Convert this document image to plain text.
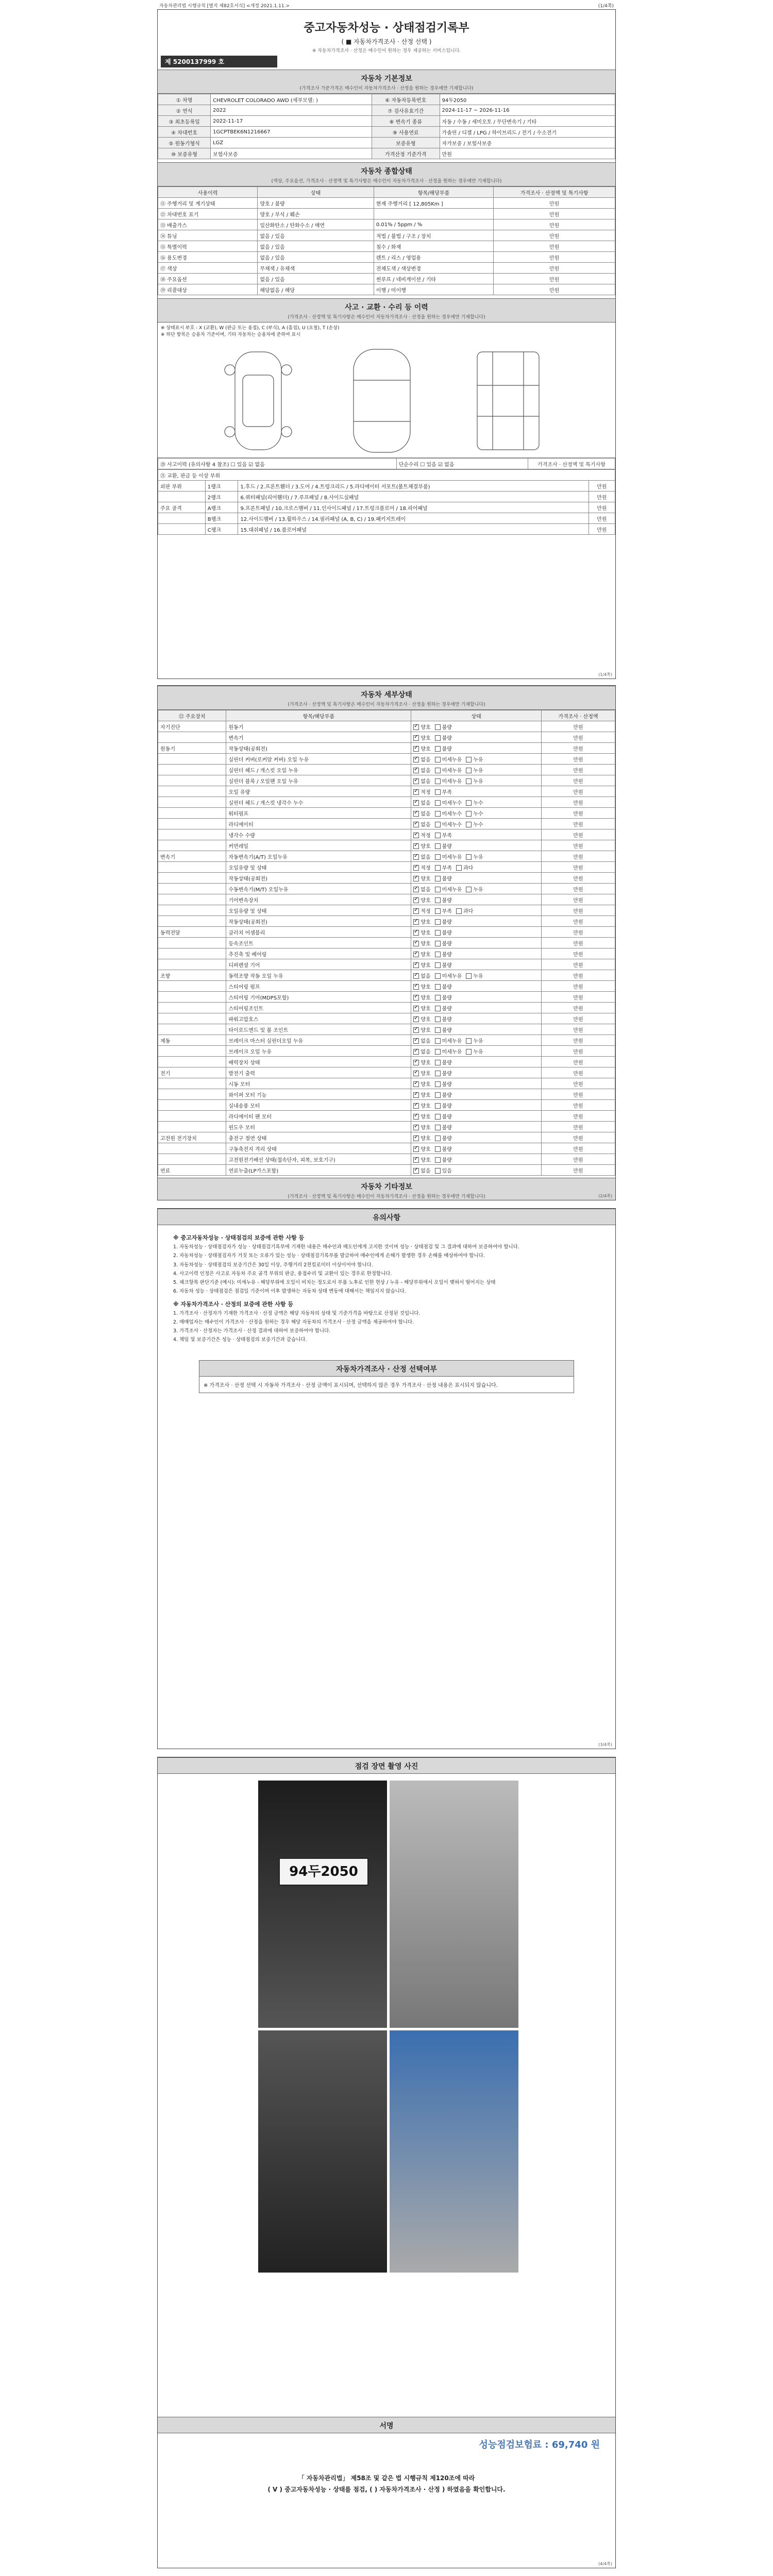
자동차관리법 시행규칙 [별지 제82호서식] <개정 2021.1.11.>	(1/4쪽)
중고자동차성능 · 상태점검기록부
( ■ 자동차가격조사 · 산정 선택 )
※ 자동차가격조사 · 산정은 매수인이 원하는 경우 제공하는 서비스입니다.
제 5200137999 호
자동차 기본정보
(가격조사 가준가격은 매수인이 자동차가격조사 · 산정을 원하는 경우에만 기재합니다)
① 차명	CHEVROLET COLORADO AWD (세부모델: )	⑥ 자동차등록번호	94두2050
② 연식	2022	⑦ 검사유효기간	2024-11-17 ~ 2026-11-16
③ 최초등록일	2022-11-17	⑧ 변속기 종류	자동 / 수동 / 세미오토 / 무단변속기 / 기타
④ 차대번호	1GCPTBEK6N1216667	⑨ 사용연료	가솔린 / 디젤 / LPG / 하이브리드 / 전기 / 수소전기
⑤ 원동기형식	LGZ	보증유형	자가보증 / 보험사보증
⑩ 보증유형	보험사보증	가격산정 기준가격	만원
자동차 종합상태
(색상, 주요옵션, 가격조사 · 산정액 및 특기사항은 매수인이 자동차가격조사 · 산정을 원하는 경우에만 기재합니다)
사용이력	상태	항목/해당부품	가격조사 · 산정액 및 특기사항
⑪ 주행거리 및 계기상태	양호 / 불량	현재 주행거리 [ 12,805Km ]	만원
⑫ 차대번호 표기	양호 / 부식 / 훼손		만원
⑬ 배출가스	일산화탄소 / 탄화수소 / 매연	0.01% / 5ppm / %	만원
⑭ 튜닝	없음 / 있음	적법 / 불법 / 구조 / 장치	만원
⑮ 특별이력	없음 / 있음	침수 / 화재	만원
⑯ 용도변경	없음 / 있음	렌트 / 리스 / 영업용	만원
⑰ 색상	무채색 / 유채색	전체도색 / 색상변경	만원
⑱ 주요옵션	없음 / 있음	썬루프 / 네비게이션 / 기타	만원
⑲ 리콜대상	해당없음 / 해당	이행 / 미이행	만원
사고 · 교환 · 수리 등 이력
(가격조사 · 산정액 및 특기사항은 매수인이 자동차가격조사 · 산정을 원하는 경우에만 기재합니다)
※ 상태표시 부호 : X (교환), W (판금 또는 용접), C (부식), A (흠집), U (요철), T (손상)
※ 하단 항목은 승용차 기준이며, 기타 자동차는 승용차에 준하여 표시
⑳ 사고이력 (유의사항 4 참조) ☐ 있음 ☑ 없음	단순수리 ☐ 있음 ☑ 없음	가격조사 · 산정액 및 특기사항
㉑ 교환, 판금 등 이상 부위			
외판 부위	1랭크	1.후드 / 2.프론트휀더 / 3.도어 / 4.트렁크리드 / 5.라디에이터 서포트(볼트체결부품)	만원
	2랭크	6.쿼터패널(리어휀더) / 7.루프패널 / 8.사이드실패널	만원
주요 골격	A랭크	9.프론트패널 / 10.크로스멤버 / 11.인사이드패널 / 17.트렁크플로어 / 18.리어패널	만원
	B랭크	12.사이드멤버 / 13.휠하우스 / 14.필러패널 (A, B, C) / 19.패키지트레이	만원
	C랭크	15.대쉬패널 / 16.플로어패널	만원
(1/4쪽)
자동차 세부상태
(가격조사 · 산정액 및 특기사항은 매수인이 자동차가격조사 · 산정을 원하는 경우에만 기재합니다)
㉒ 주요장치	항목/해당부품	상태	가격조사 · 산정액
자기진단	원동기	✓양호 불량	만원
	변속기	✓양호 불량	만원
원동기	작동상태(공회전)	✓양호 불량	만원
	실린더 커버(로커암 커버) 오일 누유	✓없음 미세누유 누유	만원
	실린더 헤드 / 개스킷 오일 누유	✓없음 미세누유 누유	만원
	실린더 블록 / 오일팬 오일 누유	✓없음 미세누유 누유	만원
	오일 유량	✓적정 부족	만원
	실린더 헤드 / 개스킷 냉각수 누수	✓없음 미세누수 누수	만원
	워터펌프	✓없음 미세누수 누수	만원
	라디에이터	✓없음 미세누수 누수	만원
	냉각수 수량	✓적정 부족	만원
	커먼레일	✓양호 불량	만원
변속기	자동변속기(A/T) 오일누유	✓없음 미세누유 누유	만원
	오일유량 및 상태	✓적정 부족 과다	만원
	작동상태(공회전)	✓양호 불량	만원
	수동변속기(M/T) 오일누유	✓없음 미세누유 누유	만원
	기어변속장치	✓양호 불량	만원
	오일유량 및 상태	✓적정 부족 과다	만원
	작동상태(공회전)	✓양호 불량	만원
동력전달	클러치 어셈블리	✓양호 불량	만원
	등속조인트	✓양호 불량	만원
	추진축 및 베어링	✓양호 불량	만원
	디퍼렌셜 기어	✓양호 불량	만원
조향	동력조향 작동 오일 누유	✓없음 미세누유 누유	만원
	스티어링 펌프	✓양호 불량	만원
	스티어링 기어(MDPS포함)	✓양호 불량	만원
	스티어링조인트	✓양호 불량	만원
	파워고압호스	✓양호 불량	만원
	타이로드엔드 및 볼 조인트	✓양호 불량	만원
제동	브레이크 마스터 실린더오일 누유	✓없음 미세누유 누유	만원
	브레이크 오일 누유	✓없음 미세누유 누유	만원
	배력장치 상태	✓양호 불량	만원
전기	발전기 출력	✓양호 불량	만원
	시동 모터	✓양호 불량	만원
	와이퍼 모터 기능	✓양호 불량	만원
	실내송풍 모터	✓양호 불량	만원
	라디에이터 팬 모터	✓양호 불량	만원
	윈도우 모터	✓양호 불량	만원
고전원 전기장치	충전구 절연 상태	✓양호 불량	만원
	구동축전지 격리 상태	✓양호 불량	만원
	고전원전기배선 상태(접속단자, 피복, 보호기구)	✓양호 불량	만원
연료	연료누출(LP가스포함)	✓없음 있음	만원
자동차 기타정보
(가격조사 · 산정액 및 특기사항은 매수인이 자동차가격조사 · 산정을 원하는 경우에만 기재합니다)

		(2/4쪽)
유의사항
※ 중고자동차성능 · 상태점검의 보증에 관한 사항 등

1. 자동차성능 · 상태점검자가 성능 · 상태점검기록부에 기재한 내용은 매수인과 매도인에게 고지한 것이며 성능 · 상태점검 및 그 결과에 대하여 보증하여야 합니다.

2. 자동차성능 · 상태점검자가 거짓 또는 오류가 있는 성능 · 상태점검기록부를 발급하여 매수인에게 손해가 발생한 경우 손해를 배상하여야 합니다.

3. 자동차성능 · 상태점검의 보증기간은 30일 이상, 주행거리 2천킬로미터 이상이어야 합니다.

4. 사고이력 인정은 사고로 자동차 주요 골격 부위의 판금, 용접수리 및 교환이 있는 경우로 한정합니다.

5. 체크항목 판단기준 (예시): 미세누유 - 해당부위에 오일이 비치는 정도로서 부품 노후로 인한 현상 / 누유 - 해당부위에서 오일이 맺혀서 떨어지는 상태

6. 자동차 성능 · 상태점검은 점검일 기준이며 이후 발생하는 자동차 상태 변동에 대해서는 책임지지 않습니다.

※ 자동차가격조사 · 산정의 보증에 관한 사항 등

1. 가격조사 · 산정자가 기재한 가격조사 · 산정 금액은 해당 자동차의 상태 및 기준가격을 바탕으로 산정된 것입니다.

2. 매매업자는 매수인이 가격조사 · 산정을 원하는 경우 해당 자동차의 가격조사 · 산정 금액을 제공하여야 합니다.

3. 가격조사 · 산정자는 가격조사 · 산정 결과에 대하여 보증하여야 합니다.

4. 책임 및 보증기간은 성능 · 상태점검의 보증기간과 같습니다.

자동차가격조사 · 산정 선택여부
※ 가격조사 · 산정 선택 시 자동차 가격조사 · 산정 금액이 표시되며, 선택하지 않은 경우 가격조사 · 산정 내용은 표시되지 않습니다.
(3/4쪽)
점검 장면 촬영 사진
94두2050
서명
성능점검보험료 : 69,740 원
「 자동차관리법」 제58조 및 같은 법 시행규칙 제120조에 따라
( V ) 중고자동차성능 · 상태를 점검, ( ) 자동차가격조사 · 산정 ) 하였음을 확인합니다.
(4/4쪽)
